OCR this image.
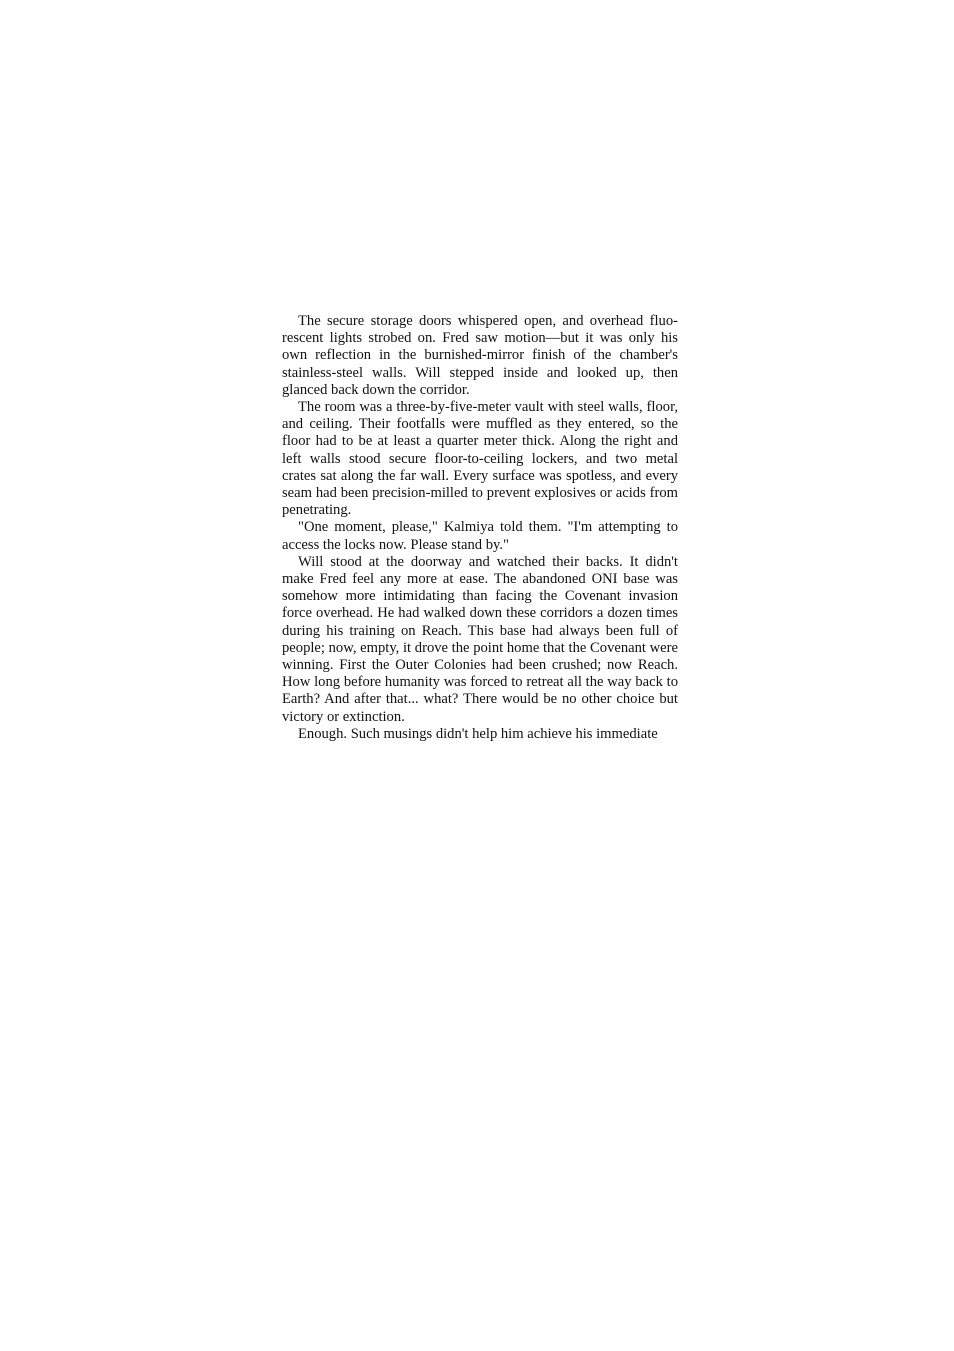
The secure storage doors whispered open, and overhead fluorescent lights strobed on. Fred saw motion—but it was only his own reflection in the burnished-mirror finish of the chamber's stainless-steel walls. Will stepped inside and looked up, then glanced back down the corridor.

The room was a three-by-five-meter vault with steel walls, floor, and ceiling. Their footfalls were muffled as they entered, so the floor had to be at least a quarter meter thick. Along the right and left walls stood secure floor-to-ceiling lockers, and two metal crates sat along the far wall. Every surface was spotless, and every seam had been precision-milled to prevent explosives or acids from penetrating.

"One moment, please," Kalmiya told them. "I'm attempting to access the locks now. Please stand by."

Will stood at the doorway and watched their backs. It didn't make Fred feel any more at ease. The abandoned ONI base was somehow more intimidating than facing the Covenant invasion force overhead. He had walked down these corridors a dozen times during his training on Reach. This base had always been full of people; now, empty, it drove the point home that the Covenant were winning. First the Outer Colonies had been crushed; now Reach. How long before humanity was forced to retreat all the way back to Earth? And after that... what? There would be no other choice but victory or extinction.

Enough. Such musings didn't help him achieve his immediate
